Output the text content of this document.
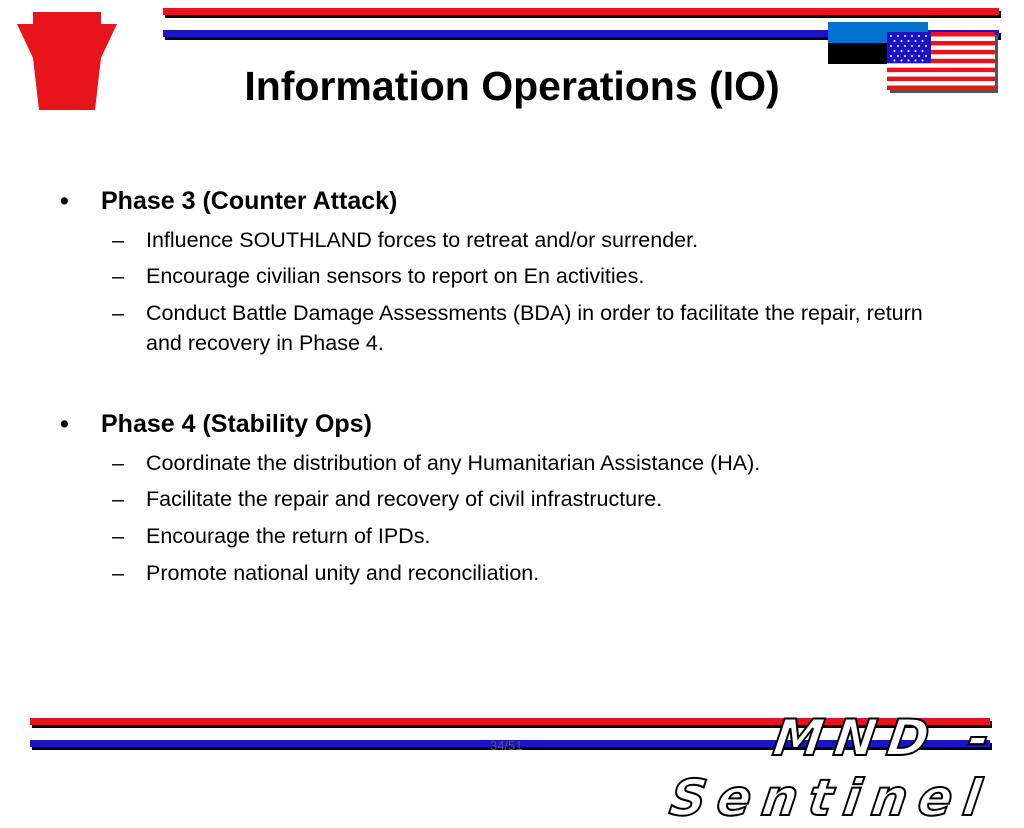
Information Operations (IO)
• Phase 3 (Counter Attack)
– Influence SOUTHLAND forces to retreat and/or surrender.
– Encourage civilian sensors to report on En activities.
– Conduct Battle Damage Assessments (BDA) in order to facilitate the repair, return and recovery in Phase 4.
• Phase 4 (Stability Ops)
– Coordinate the distribution of any Humanitarian Assistance (HA).
– Facilitate the repair and recovery of civil infrastructure.
– Encourage the return of IPDs.
– Promote national unity and reconciliation.
34/51	MND - Sentinel
